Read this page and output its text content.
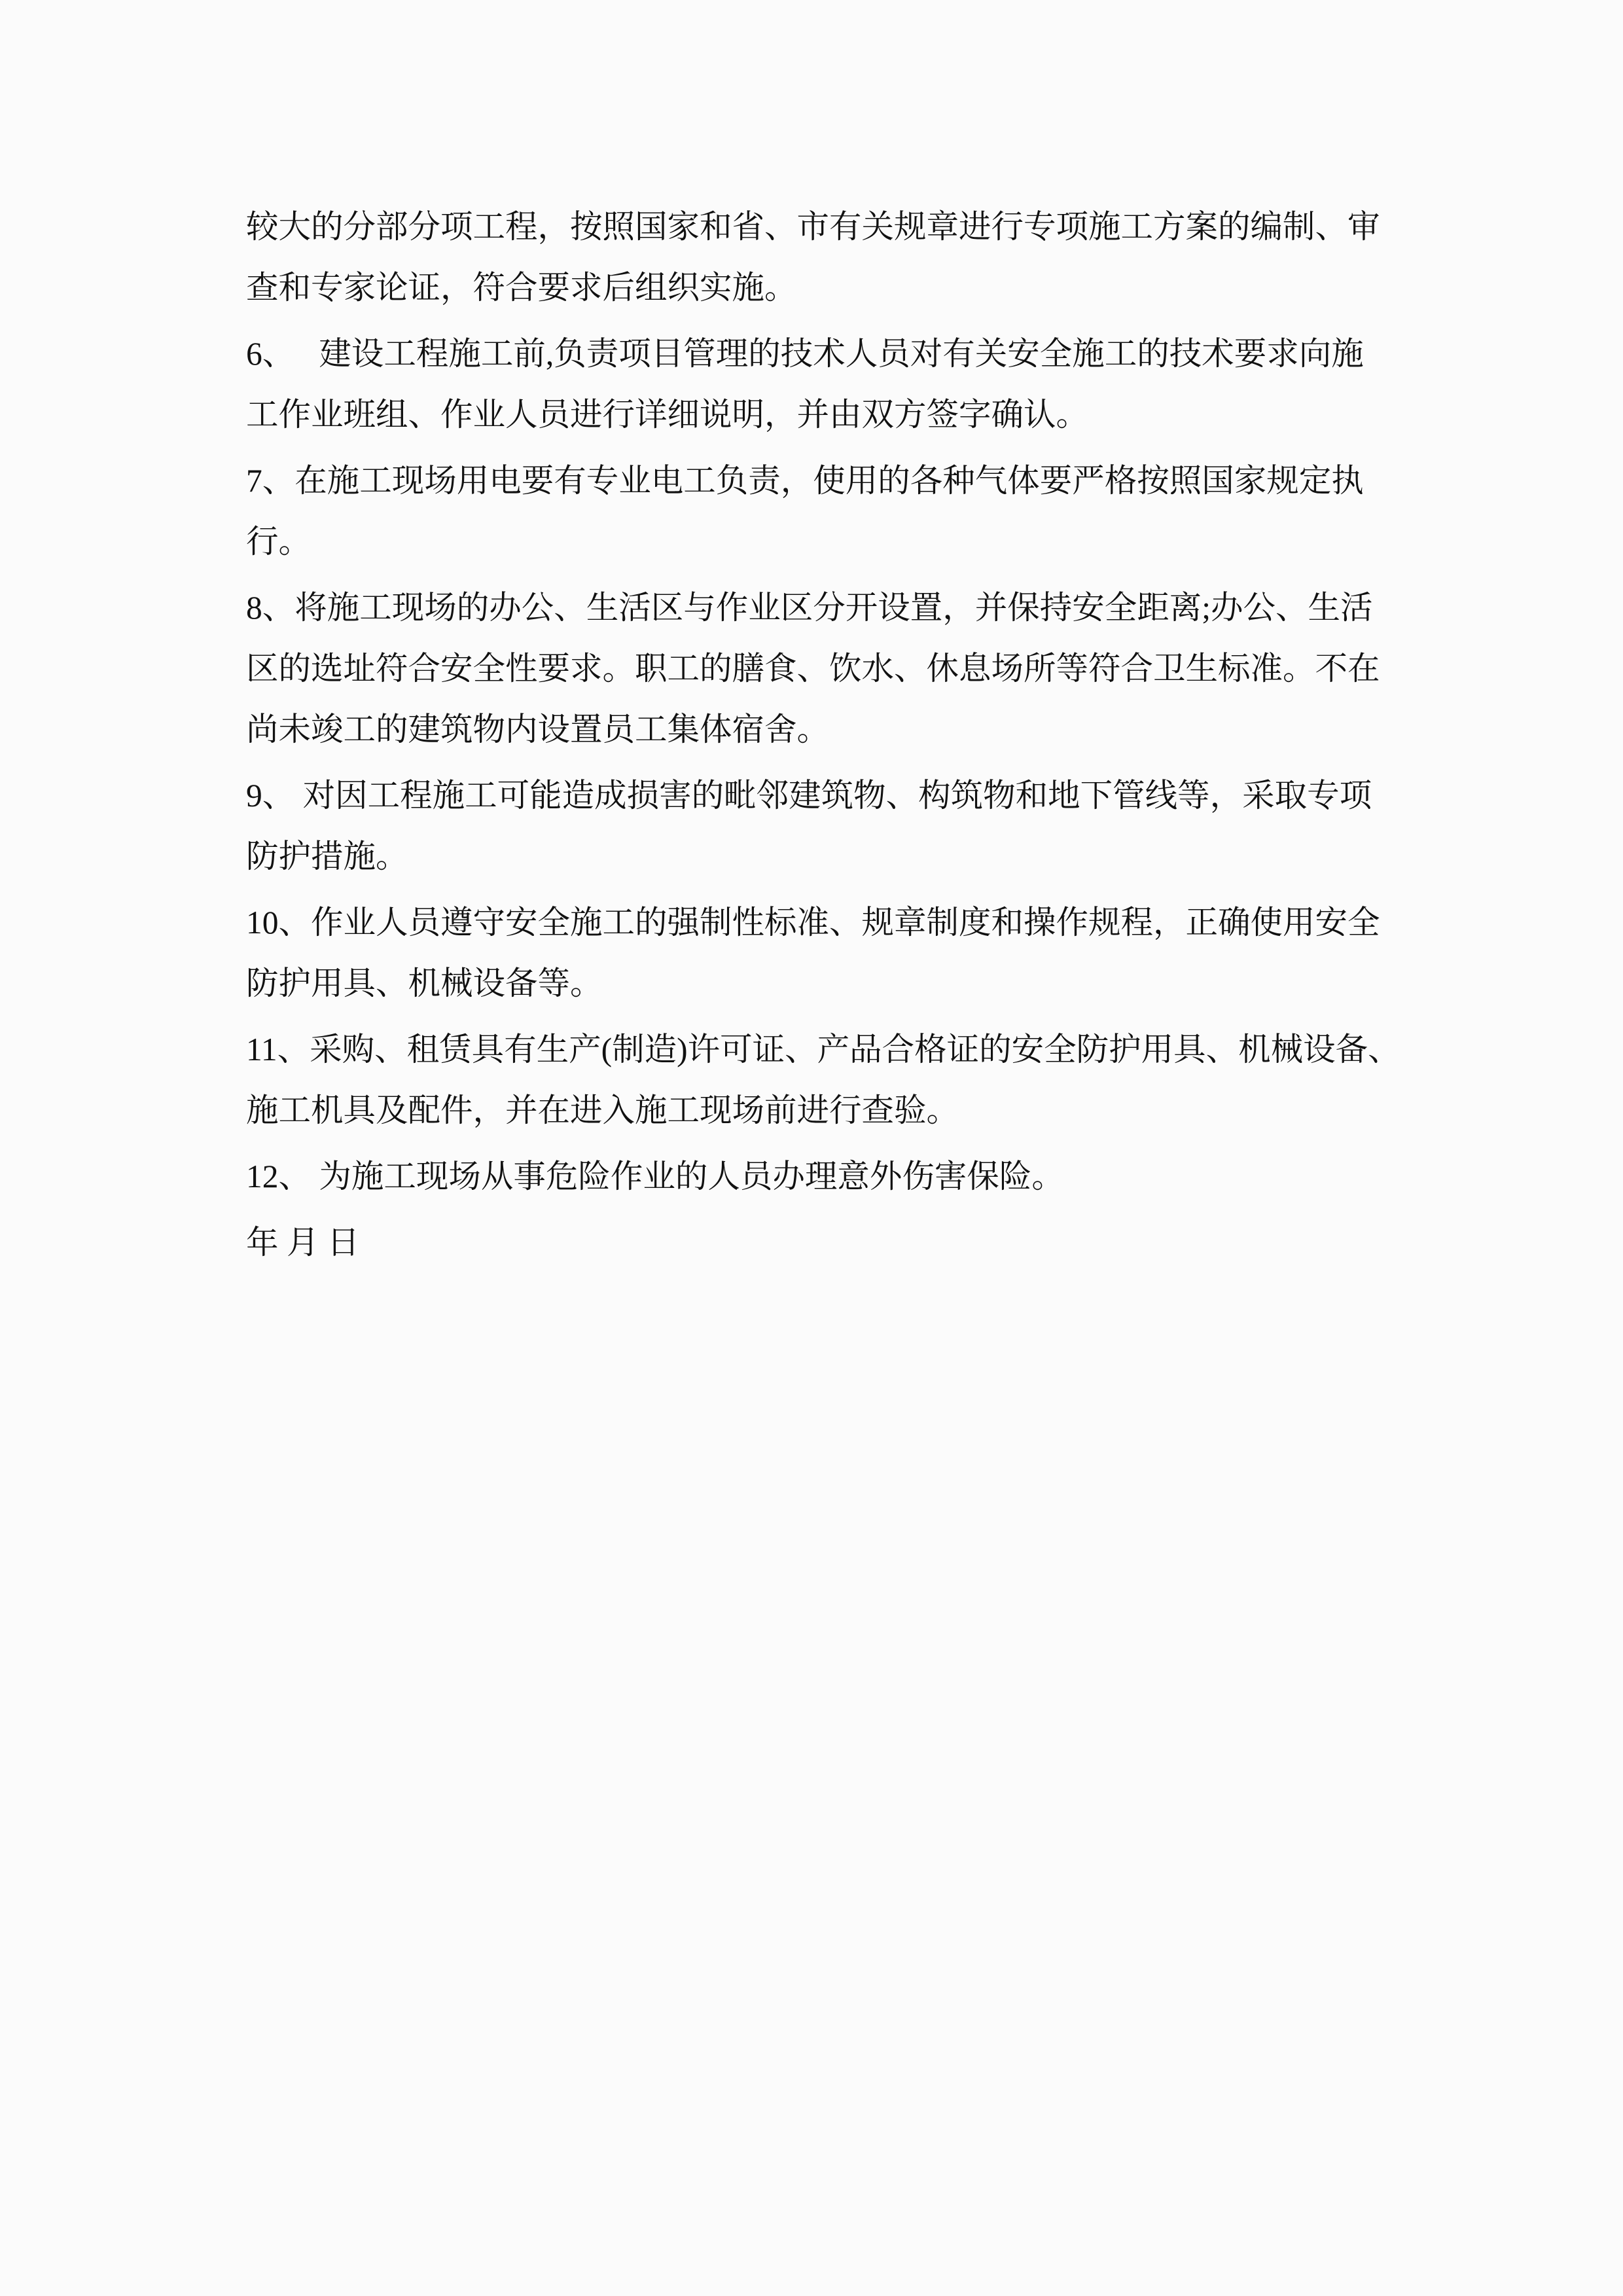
较大的分部分项工程，按照国家和省、市有关规章进行专项施工方案的编制、审
查和专家论证，符合要求后组织实施。
6、　 建设工程施工前,负责项目管理的技术人员对有关安全施工的技术要求向施
工作业班组、作业人员进行详细说明，并由双方签字确认。
7、在施工现场用电要有专业电工负责，使用的各种气体要严格按照国家规定执
行。
8、将施工现场的办公、生活区与作业区分开设置，并保持安全距离;办公、生活
区的选址符合安全性要求。职工的膳食、饮水、休息场所等符合卫生标准。不在
尚未竣工的建筑物内设置员工集体宿舍。
9、 对因工程施工可能造成损害的毗邻建筑物、构筑物和地下管线等，采取专项
防护措施。
10、作业人员遵守安全施工的强制性标准、规章制度和操作规程，正确使用安全
防护用具、机械设备等。
11、采购、租赁具有生产(制造)许可证、产品合格证的安全防护用具、机械设备、
施工机具及配件，并在进入施工现场前进行查验。
12、 为施工现场从事危险作业的人员办理意外伤害保险。
年 月 日
